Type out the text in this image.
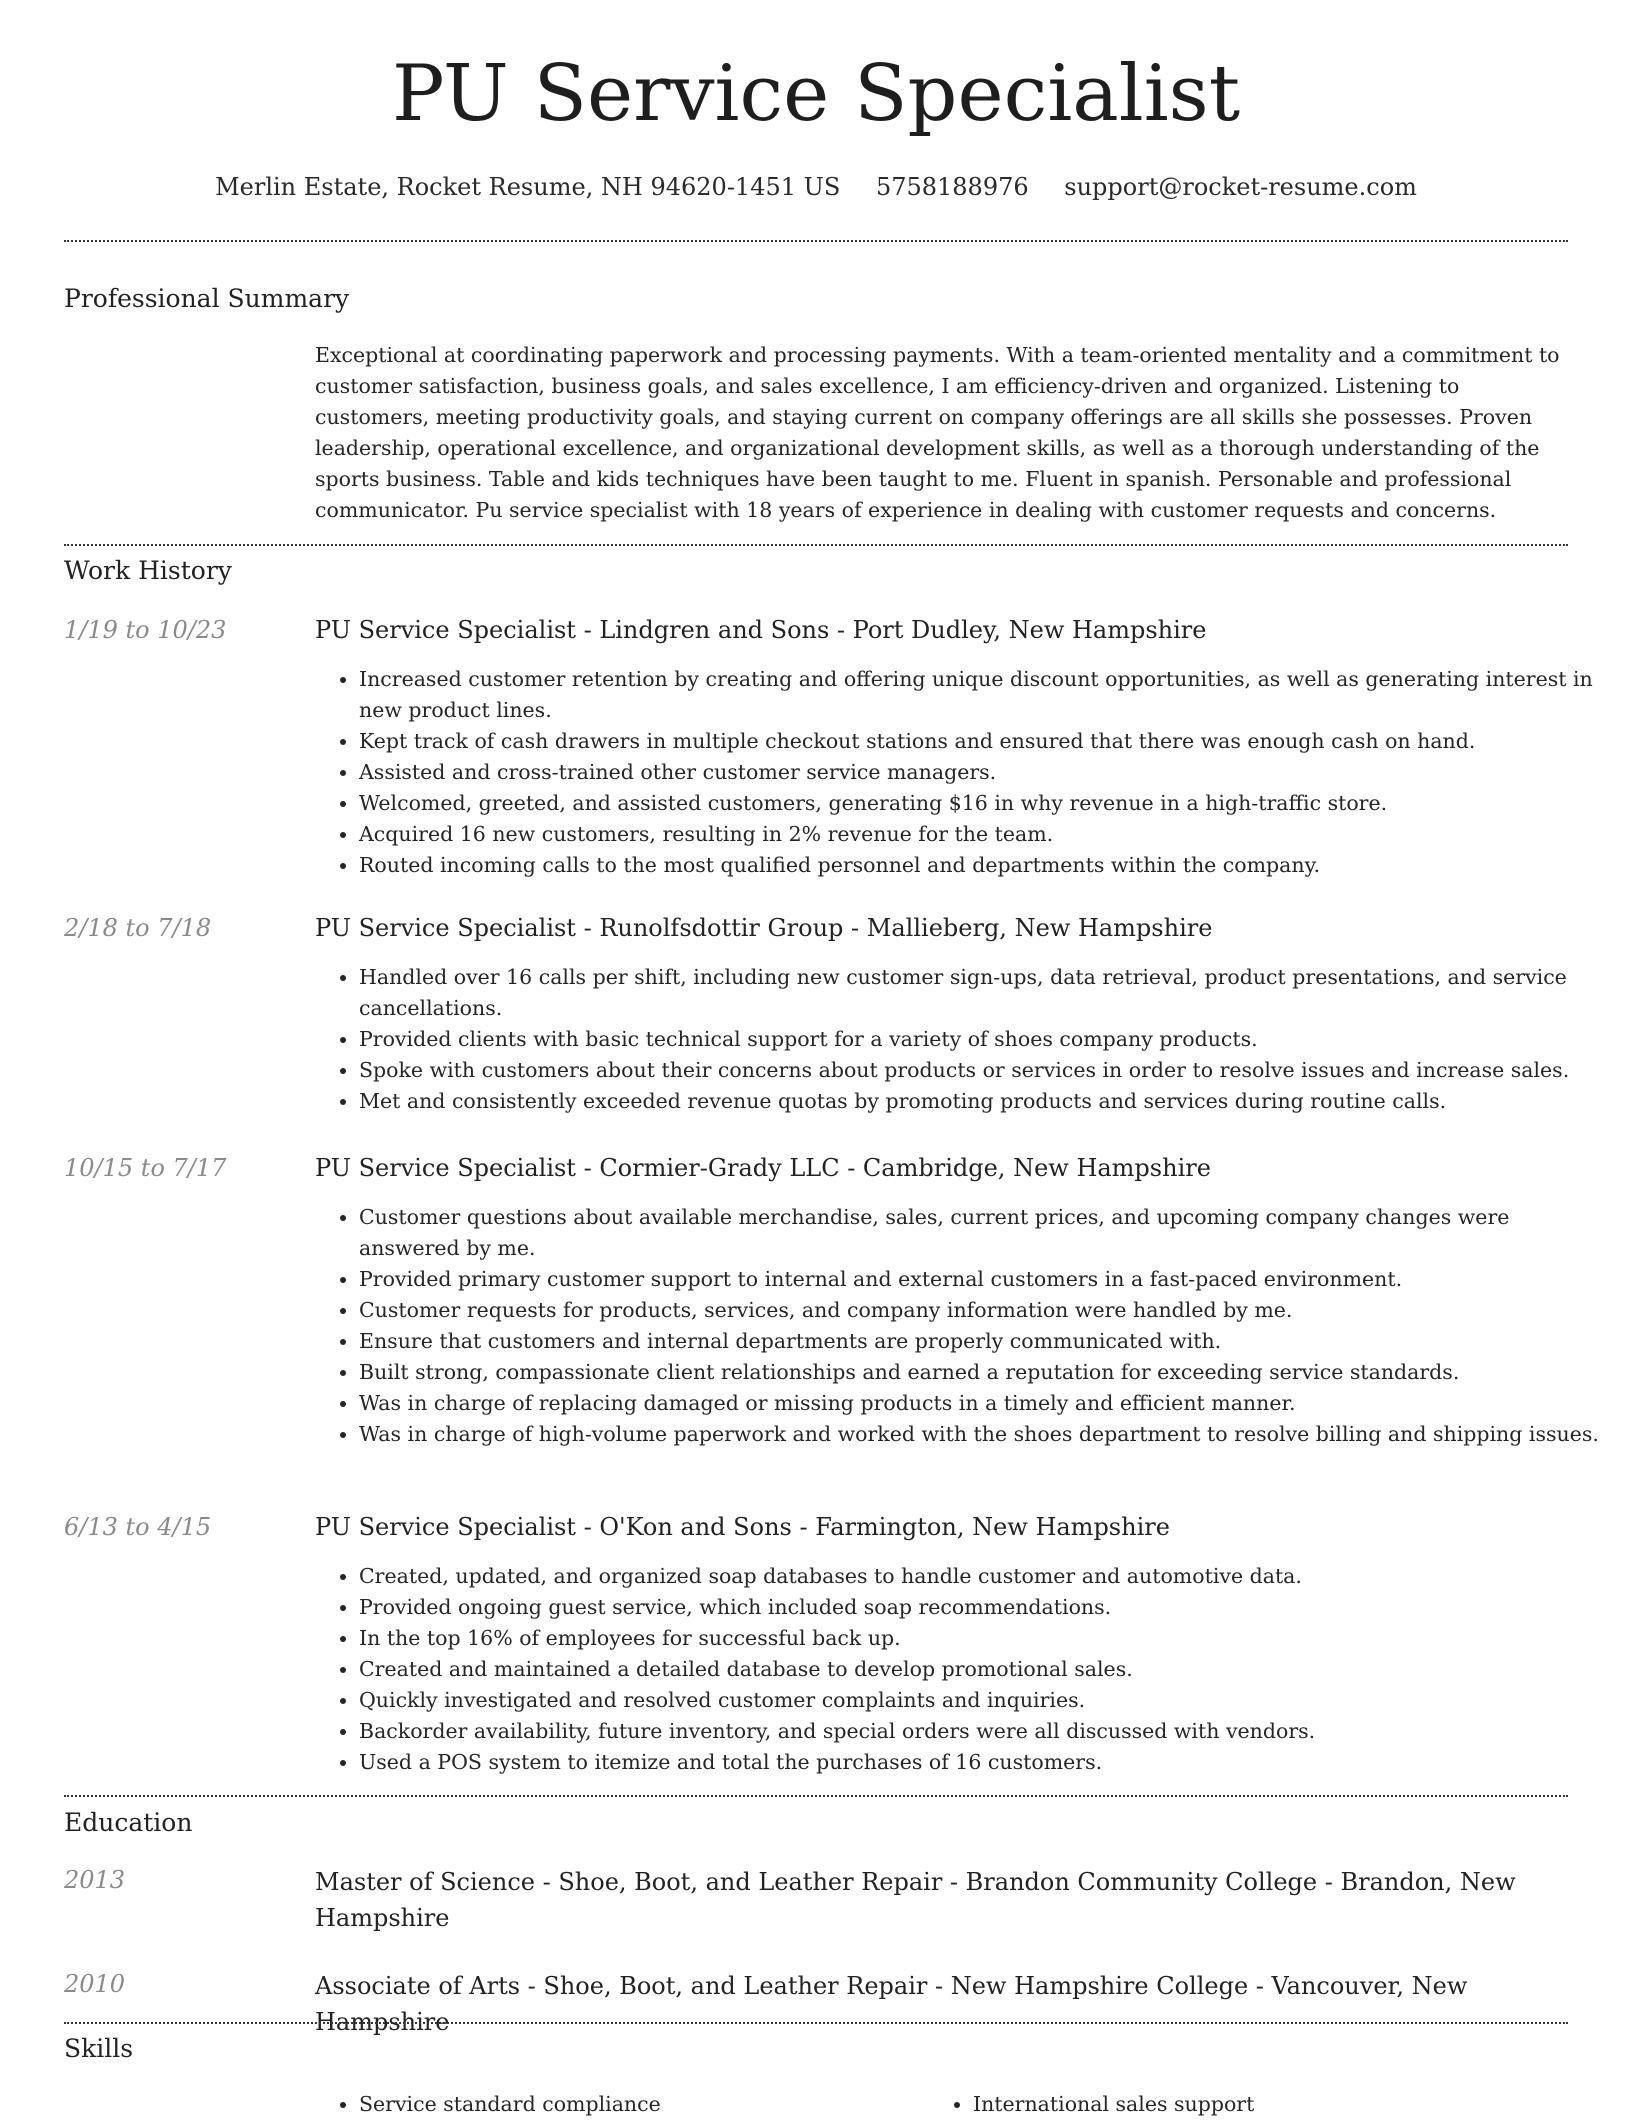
PU Service Specialist
Merlin Estate, Rocket Resume, NH 94620-1451 US 5758188976 support@rocket-resume.com
Professional Summary

Exceptional at coordinating paperwork and processing payments. With a team-oriented mentality and a commitment to customer satisfaction, business goals, and sales excellence, I am efficiency-driven and organized. Listening to customers, meeting productivity goals, and staying current on company offerings are all skills she possesses. Proven leadership, operational excellence, and organizational development skills, as well as a thorough understanding of the sports business. Table and kids techniques have been taught to me. Fluent in spanish. Personable and professional communicator. Pu service specialist with 18 years of experience in dealing with customer requests and concerns.

Work History
1/19 to 10/23	PU Service Specialist - Lindgren and Sons - Port Dudley, New Hampshire
• Increased customer retention by creating and offering unique discount opportunities, as well as generating interest in new product lines.
• Kept track of cash drawers in multiple checkout stations and ensured that there was enough cash on hand.
• Assisted and cross-trained other customer service managers.
• Welcomed, greeted, and assisted customers, generating $16 in why revenue in a high-traffic store.
• Acquired 16 new customers, resulting in 2% revenue for the team.
• Routed incoming calls to the most qualified personnel and departments within the company.
2/18 to 7/18	PU Service Specialist - Runolfsdottir Group - Mallieberg, New Hampshire
• Handled over 16 calls per shift, including new customer sign-ups, data retrieval, product presentations, and service cancellations.
• Provided clients with basic technical support for a variety of shoes company products.
• Spoke with customers about their concerns about products or services in order to resolve issues and increase sales.
• Met and consistently exceeded revenue quotas by promoting products and services during routine calls.
10/15 to 7/17	PU Service Specialist - Cormier-Grady LLC - Cambridge, New Hampshire
• Customer questions about available merchandise, sales, current prices, and upcoming company changes were answered by me.
• Provided primary customer support to internal and external customers in a fast-paced environment.
• Customer requests for products, services, and company information were handled by me.
• Ensure that customers and internal departments are properly communicated with.
• Built strong, compassionate client relationships and earned a reputation for exceeding service standards.
• Was in charge of replacing damaged or missing products in a timely and efficient manner.
• Was in charge of high-volume paperwork and worked with the shoes department to resolve billing and shipping issues.
6/13 to 4/15	PU Service Specialist - O'Kon and Sons - Farmington, New Hampshire
• Created, updated, and organized soap databases to handle customer and automotive data.
• Provided ongoing guest service, which included soap recommendations.
• In the top 16% of employees for successful back up.
• Created and maintained a detailed database to develop promotional sales.
• Quickly investigated and resolved customer complaints and inquiries.
• Backorder availability, future inventory, and special orders were all discussed with vendors.
• Used a POS system to itemize and total the purchases of 16 customers.
Education
2013	Master of Science - Shoe, Boot, and Leather Repair - Brandon Community College - Brandon, New Hampshire
2010	Associate of Arts - Shoe, Boot, and Leather Repair - New Hampshire College - Vancouver, New Hampshire
Skills
• Service standard compliance
•	International sales support
